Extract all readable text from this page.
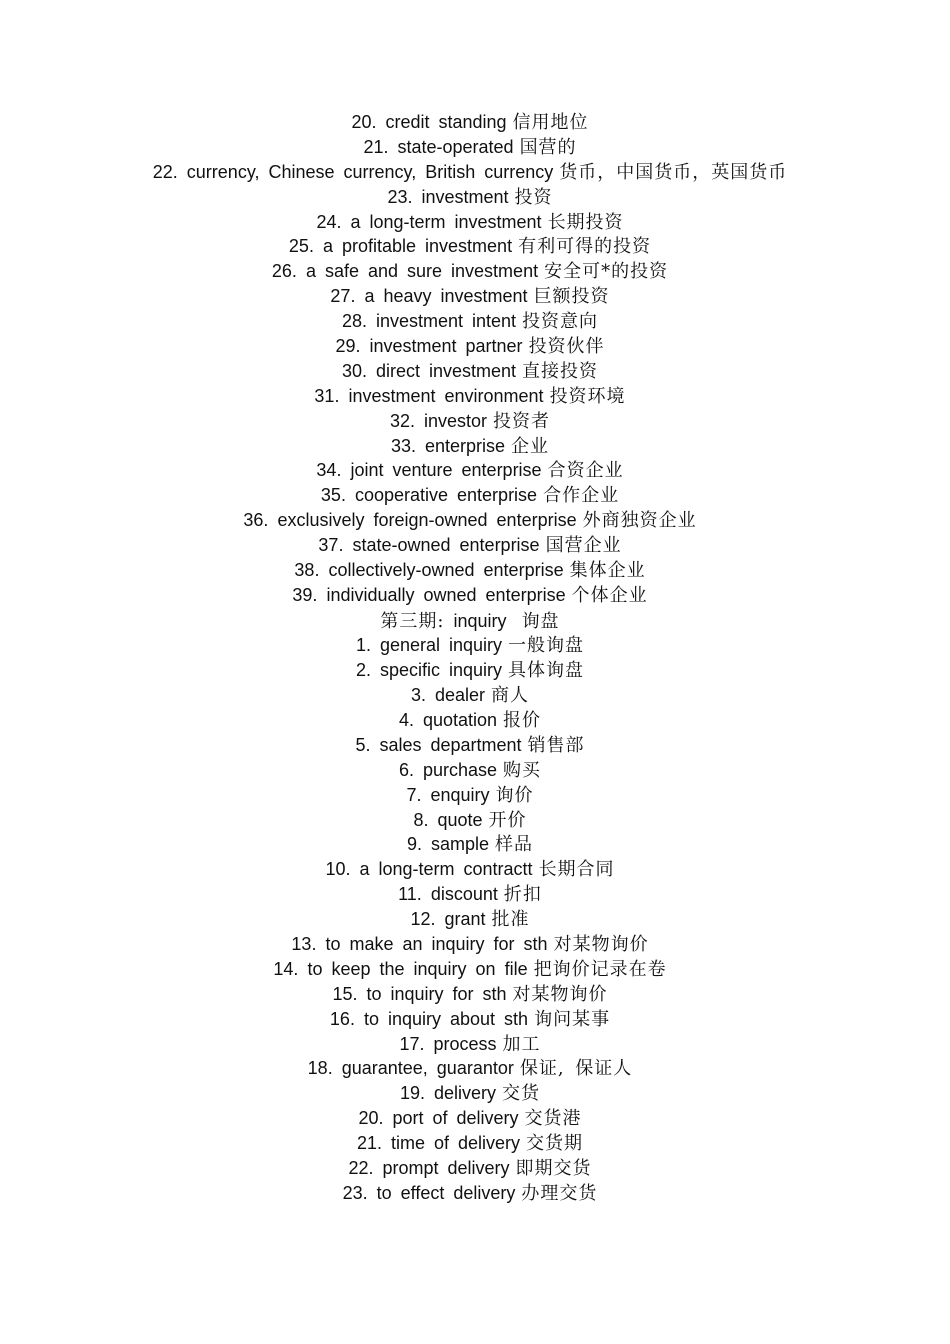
20. credit standing 信用地位
21. state-operated 国营的
22. currency, Chinese currency, British currency 货币，中国货币，英国货币
23. investment 投资
24. a long-term investment 长期投资
25. a profitable investment 有利可得的投资
26. a safe and sure investment 安全可*的投资
27. a heavy investment 巨额投资
28. investment intent 投资意向
29. investment partner 投资伙伴
30. direct investment 直接投资
31. investment environment 投资环境
32. investor 投资者
33. enterprise 企业
34. joint venture enterprise 合资企业
35. cooperative enterprise 合作企业
36. exclusively foreign-owned enterprise 外商独资企业
37. state-owned enterprise 国营企业
38. collectively-owned enterprise 集体企业
39. individually owned enterprise 个体企业
第三期: inquiry 询盘
1. general inquiry 一般询盘
2. specific inquiry 具体询盘
3. dealer 商人
4. quotation 报价
5. sales department 销售部
6. purchase 购买
7. enquiry 询价
8. quote 开价
9. sample 样品
10. a long-term contractt 长期合同
11. discount 折扣
12. grant 批准
13. to make an inquiry for sth 对某物询价
14. to keep the inquiry on file 把询价记录在卷
15. to inquiry for sth 对某物询价
16. to inquiry about sth 询问某事
17. process 加工
18. guarantee, guarantor 保证, 保证人
19. delivery 交货
20. port of delivery 交货港
21. time of delivery 交货期
22. prompt delivery 即期交货
23. to effect delivery 办理交货
